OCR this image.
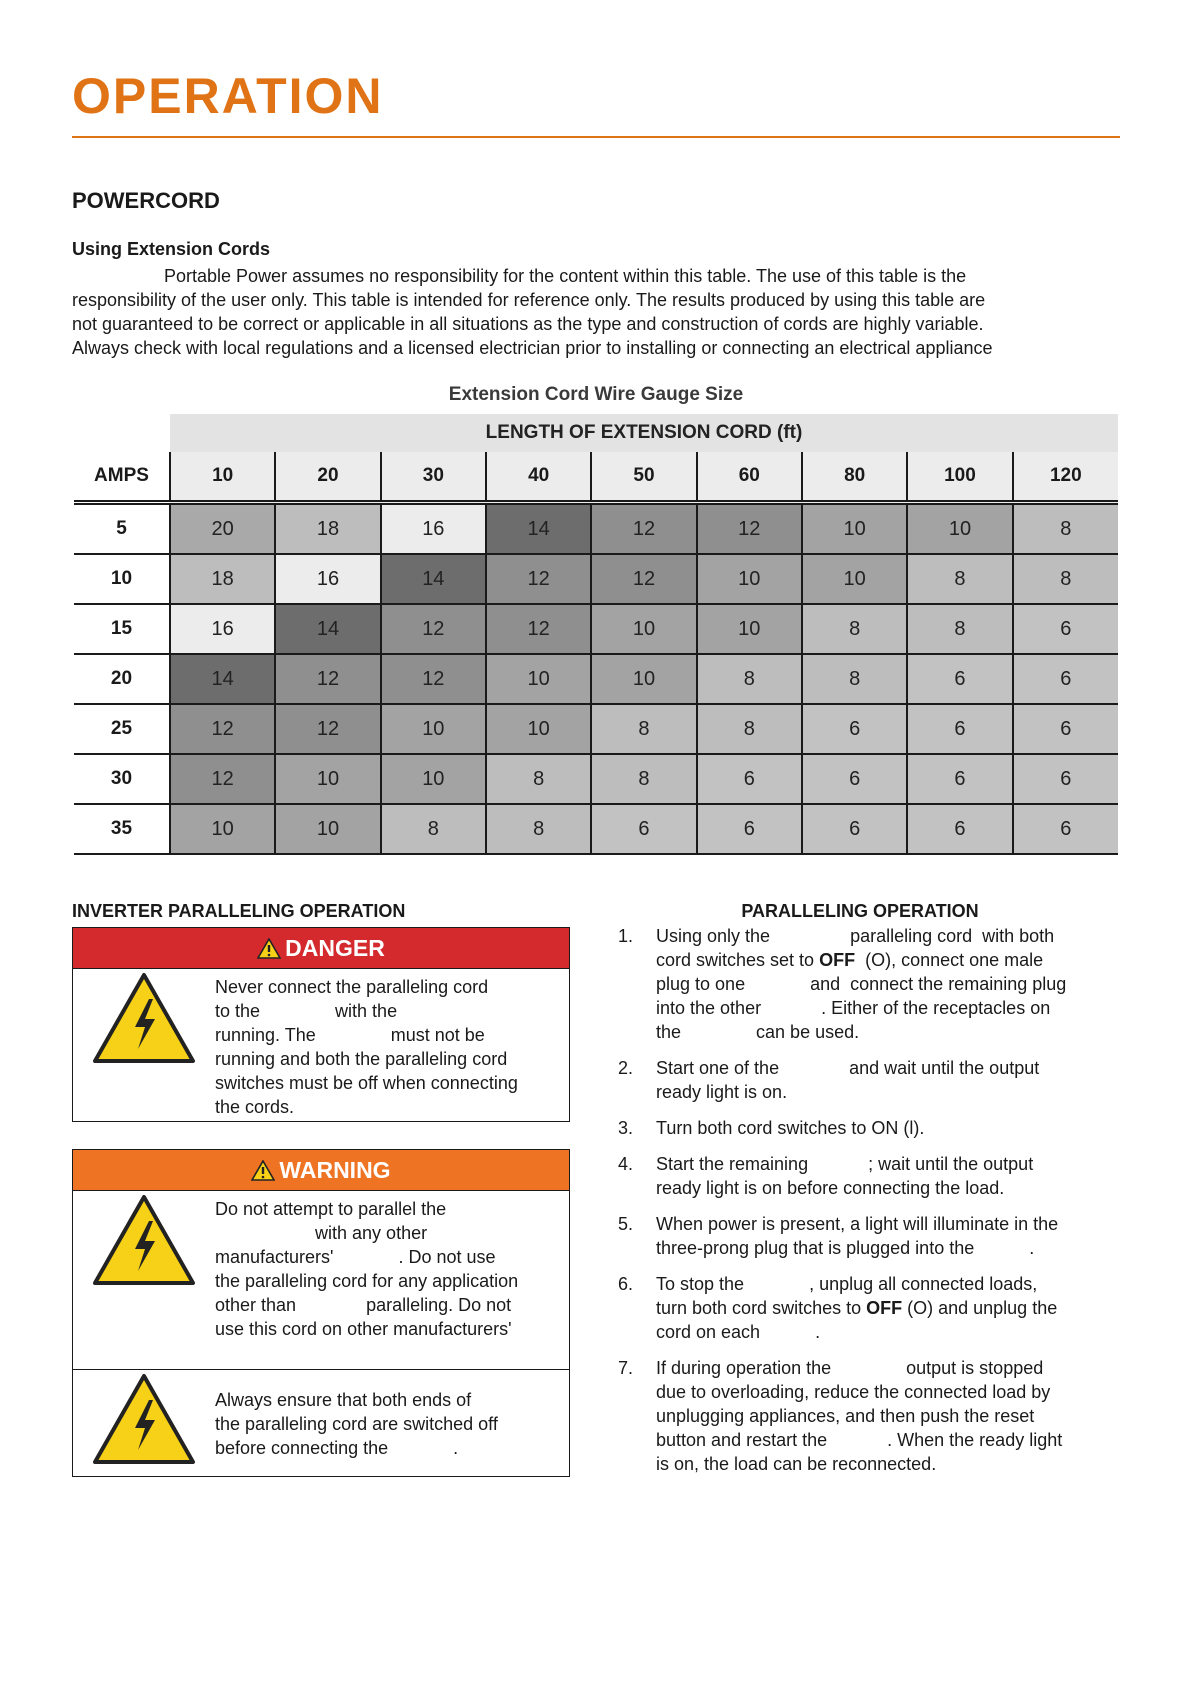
OPERATION
POWERCORD
Using Extension Cords

Portable Power assumes no responsibility for the content within this table. The use of this table is the
responsibility of the user only. This table is intended for reference only. The results produced by using this table are
not guaranteed to be correct or applicable in all situations as the type and construction of cords are highly variable.
Always check with local regulations and a licensed electrician prior to installing or connecting an electrical appliance

Extension Cord Wire Gauge Size
	LENGTH OF EXTENSION CORD (ft)								
AMPS	10	20	30	40	50	60	80	100	120
5	20	18	16	14	12	12	10	10	8
10	18	16	14	12	12	10	10	8	8
15	16	14	12	12	10	10	8	8	6
20	14	12	12	10	10	8	8	6	6
25	12	12	10	10	8	8	6	6	6
30	12	10	10	8	8	6	6	6	6
35	10	10	8	8	6	6	6	6	6
INVERTER PARALLELING OPERATION
DANGER
Never connect the paralleling cord
to the               with the
running. The               must not be
running and both the paralleling cord
switches must be off when connecting
the cords.
WARNING
Do not attempt to parallel the
with any other
manufacturers'             . Do not use
the paralleling cord for any application
other than              paralleling. Do not
use this cord on other manufacturers'
Always ensure that both ends of
the paralleling cord are switched off
before connecting the             .
PARALLELING OPERATION
1. Using only the                paralleling cord  with both
cord switches set to OFF  (O), connect one male
plug to one             and  connect the remaining plug
into the other            . Either of the receptacles on
the               can be used.
2. Start one of the              and wait until the output
ready light is on.
3. Turn both cord switches to ON (l).
4. Start the remaining            ; wait until the output
ready light is on before connecting the load.
5. When power is present, a light will illuminate in the
three-prong plug that is plugged into the           .
6. To stop the             , unplug all connected loads,
turn both cord switches to OFF (O) and unplug the
cord on each           .
7. If during operation the               output is stopped
due to overloading, reduce the connected load by
unplugging appliances, and then push the reset
button and restart the            . When the ready light
is on, the load can be reconnected.
